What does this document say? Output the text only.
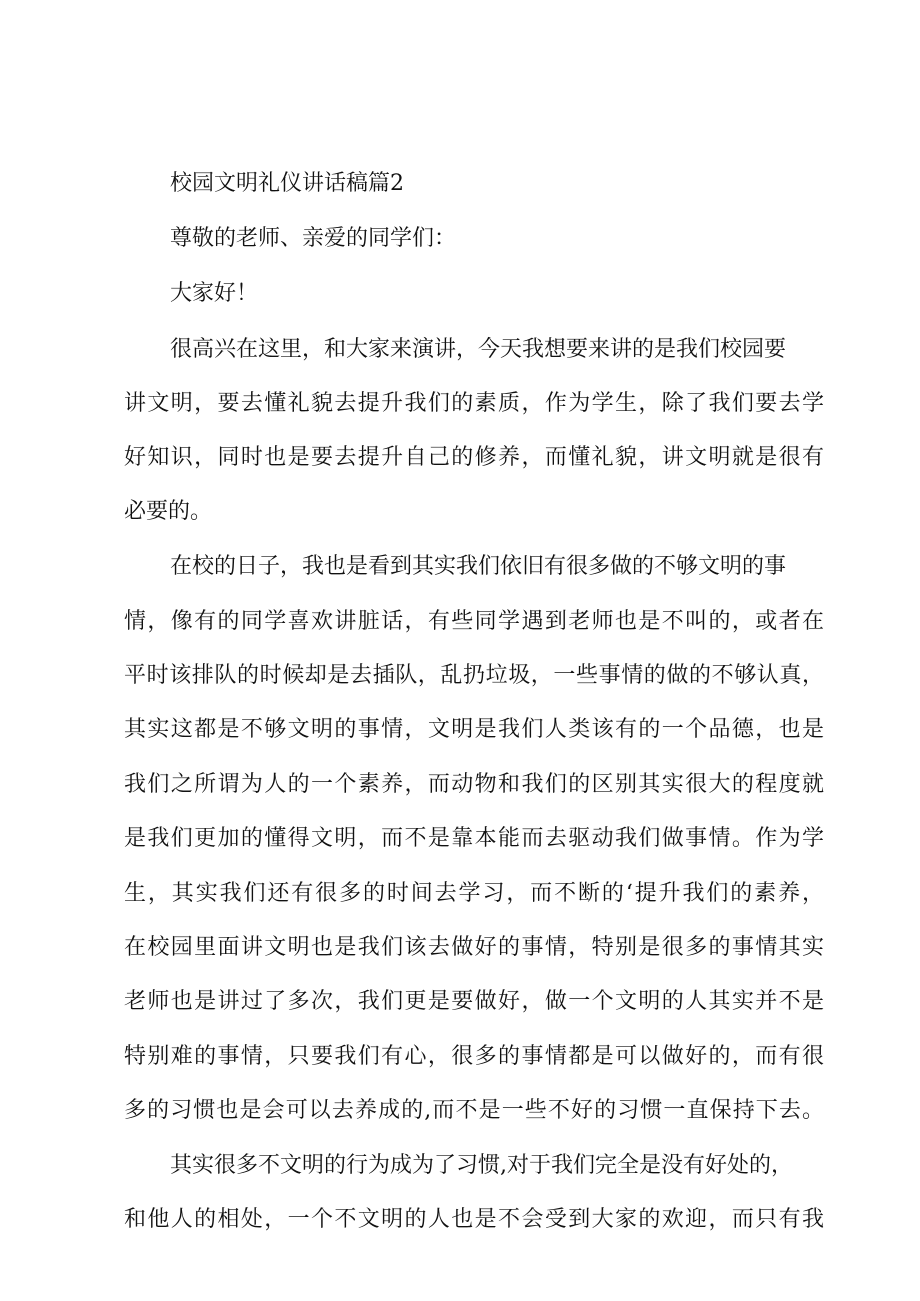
校园文明礼仪讲话稿篇2

尊敬的老师、亲爱的同学们：

大家好！

很高兴在这里，和大家来演讲，今天我想要来讲的是我们校园要

讲文明，要去懂礼貌去提升我们的素质，作为学生，除了我们要去学

好知识，同时也是要去提升自己的修养，而懂礼貌，讲文明就是很有

必要的。

在校的日子，我也是看到其实我们依旧有很多做的不够文明的事

情，像有的同学喜欢讲脏话，有些同学遇到老师也是不叫的，或者在

平时该排队的时候却是去插队，乱扔垃圾，一些事情的做的不够认真，

其实这都是不够文明的事情，文明是我们人类该有的一个品德，也是

我们之所谓为人的一个素养，而动物和我们的区别其实很大的程度就

是我们更加的懂得文明，而不是靠本能而去驱动我们做事情。作为学

生，其实我们还有很多的时间去学习，而不断的‘提升我们的素养，

在校园里面讲文明也是我们该去做好的事情，特别是很多的事情其实

老师也是讲过了多次，我们更是要做好，做一个文明的人其实并不是

特别难的事情，只要我们有心，很多的事情都是可以做好的，而有很

多的习惯也是会可以去养成的,而不是一些不好的习惯一直保持下去。

其实很多不文明的行为成为了习惯,对于我们完全是没有好处的，

和他人的相处，一个不文明的人也是不会受到大家的欢迎，而只有我
